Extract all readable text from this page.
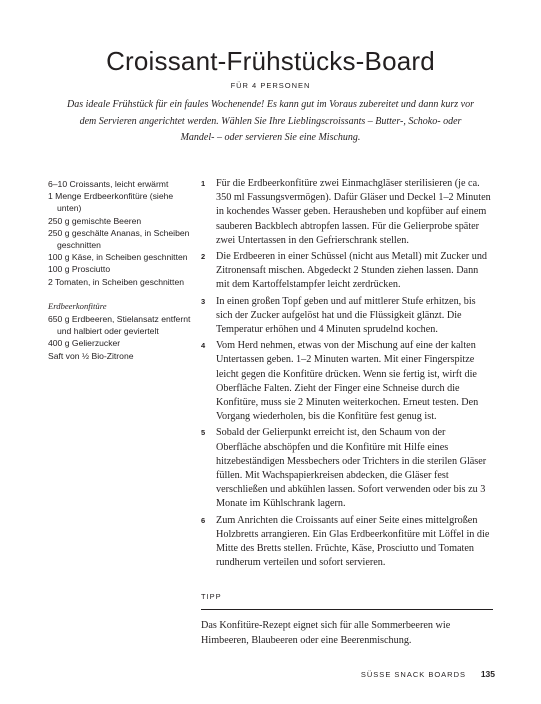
Croissant-Frühstücks-Board
FÜR 4 PERSONEN

Das ideale Frühstück für ein faules Wochenende! Es kann gut im Voraus zubereitet und dann kurz vor dem Servieren angerichtet werden. Wählen Sie Ihre Lieblingscroissants – Butter-, Schoko- oder Mandel- – oder servieren Sie eine Mischung.

6–10 Croissants, leicht erwärmt
1 Menge Erdbeerkonfitüre (siehe unten)
250 g gemischte Beeren
250 g geschälte Ananas, in Scheiben geschnitten
100 g Käse, in Scheiben geschnitten
100 g Prosciutto
2 Tomaten, in Scheiben geschnitten
Erdbeerkonfitüre
650 g Erdbeeren, Stielansatz entfernt und halbiert oder geviertelt
400 g Gelierzucker
Saft von ½ Bio-Zitrone
1 Für die Erdbeerkonfitüre zwei Einmachgläser sterilisieren (je ca. 350 ml Fassungsvermögen). Dafür Gläser und Deckel 1–2 Minuten in kochendes Wasser geben. Herausheben und kopfüber auf einem sauberen Backblech abtropfen lassen. Für die Gelierprobe später zwei Untertassen in den Gefrierschrank stellen.
2 Die Erdbeeren in einer Schüssel (nicht aus Metall) mit Zucker und Zitronensaft mischen. Abgedeckt 2 Stunden ziehen lassen. Dann mit dem Kartoffelstampfer leicht zerdrücken.
3 In einen großen Topf geben und auf mittlerer Stufe erhitzen, bis sich der Zucker aufgelöst hat und die Flüssigkeit glänzt. Die Temperatur erhöhen und 4 Minuten sprudelnd kochen.
4 Vom Herd nehmen, etwas von der Mischung auf eine der kalten Untertassen geben. 1–2 Minuten warten. Mit einer Fingerspitze leicht gegen die Konfitüre drücken. Wenn sie fertig ist, wirft die Oberfläche Falten. Zieht der Finger eine Schneise durch die Konfitüre, muss sie 2 Minuten weiterkochen. Erneut testen. Den Vorgang wiederholen, bis die Konfitüre fest genug ist.
5 Sobald der Gelierpunkt erreicht ist, den Schaum von der Oberfläche abschöpfen und die Konfitüre mit Hilfe eines hitzebeständigen Messbechers oder Trichters in die sterilen Gläser füllen. Mit Wachspapierkreisen abdecken, die Gläser fest verschließen und abkühlen lassen. Sofort verwenden oder bis zu 3 Monate im Kühlschrank lagern.
6 Zum Anrichten die Croissants auf einer Seite eines mittelgroßen Holzbretts arrangieren. Ein Glas Erdbeerkonfitüre mit Löffel in die Mitte des Bretts stellen. Früchte, Käse, Prosciutto und Tomaten rundherum verteilen und sofort servieren.
TIPP

Das Konfitüre-Rezept eignet sich für alle Sommerbeeren wie Himbeeren, Blaubeeren oder eine Beerenmischung.

SÜSSE SNACK BOARDS 135
